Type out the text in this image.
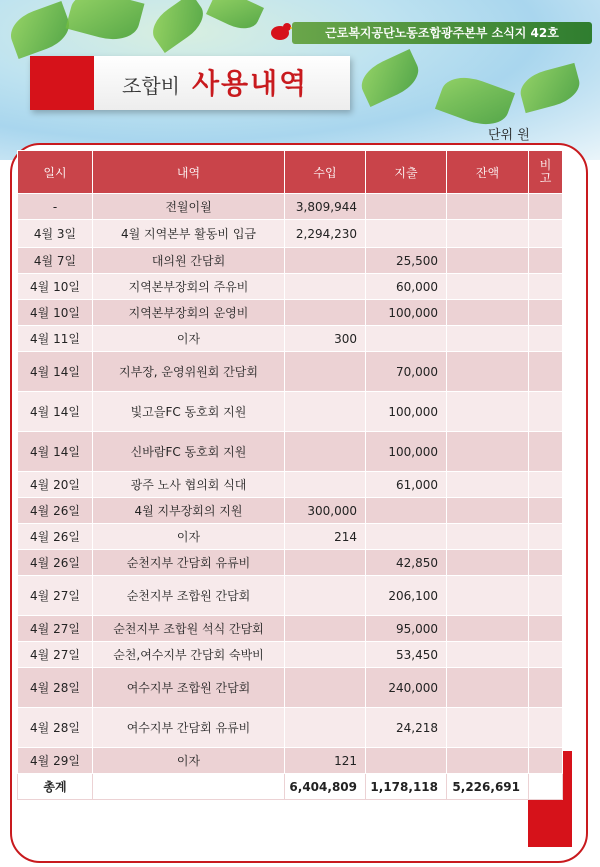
근로복지공단노동조합광주본부 소식지 42호
조합비 사용내역
단위 원
일시	내역	수입	지출	잔액	비고
-	전월이월	3,809,944			
4월 3일	4월 지역본부 활동비 입금	2,294,230			
4월 7일	대의원 간담회		25,500		
4월 10일	지역본부장회의 주유비		60,000		
4월 10일	지역본부장회의 운영비		100,000		
4월 11일	이자	300			
4월 14일	지부장, 운영위원회 간담회		70,000		
4월 14일	빛고을FC 동호회 지원		100,000		
4월 14일	신바람FC 동호회 지원		100,000		
4월 20일	광주 노사 협의회 식대		61,000		
4월 26일	4월 지부장회의 지원	300,000			
4월 26일	이자	214			
4월 26일	순천지부 간담회 유류비		42,850		
4월 27일	순천지부 조합원 간담회		206,100		
4월 27일	순천지부 조합원 석식 간담회		95,000		
4월 27일	순천,여수지부 간담회 숙박비		53,450		
4월 28일	여수지부 조합원 간담회		240,000		
4월 28일	여수지부 간담회 유류비		24,218		
4월 29일	이자	121			
총계		6,404,809	1,178,118	5,226,691	
